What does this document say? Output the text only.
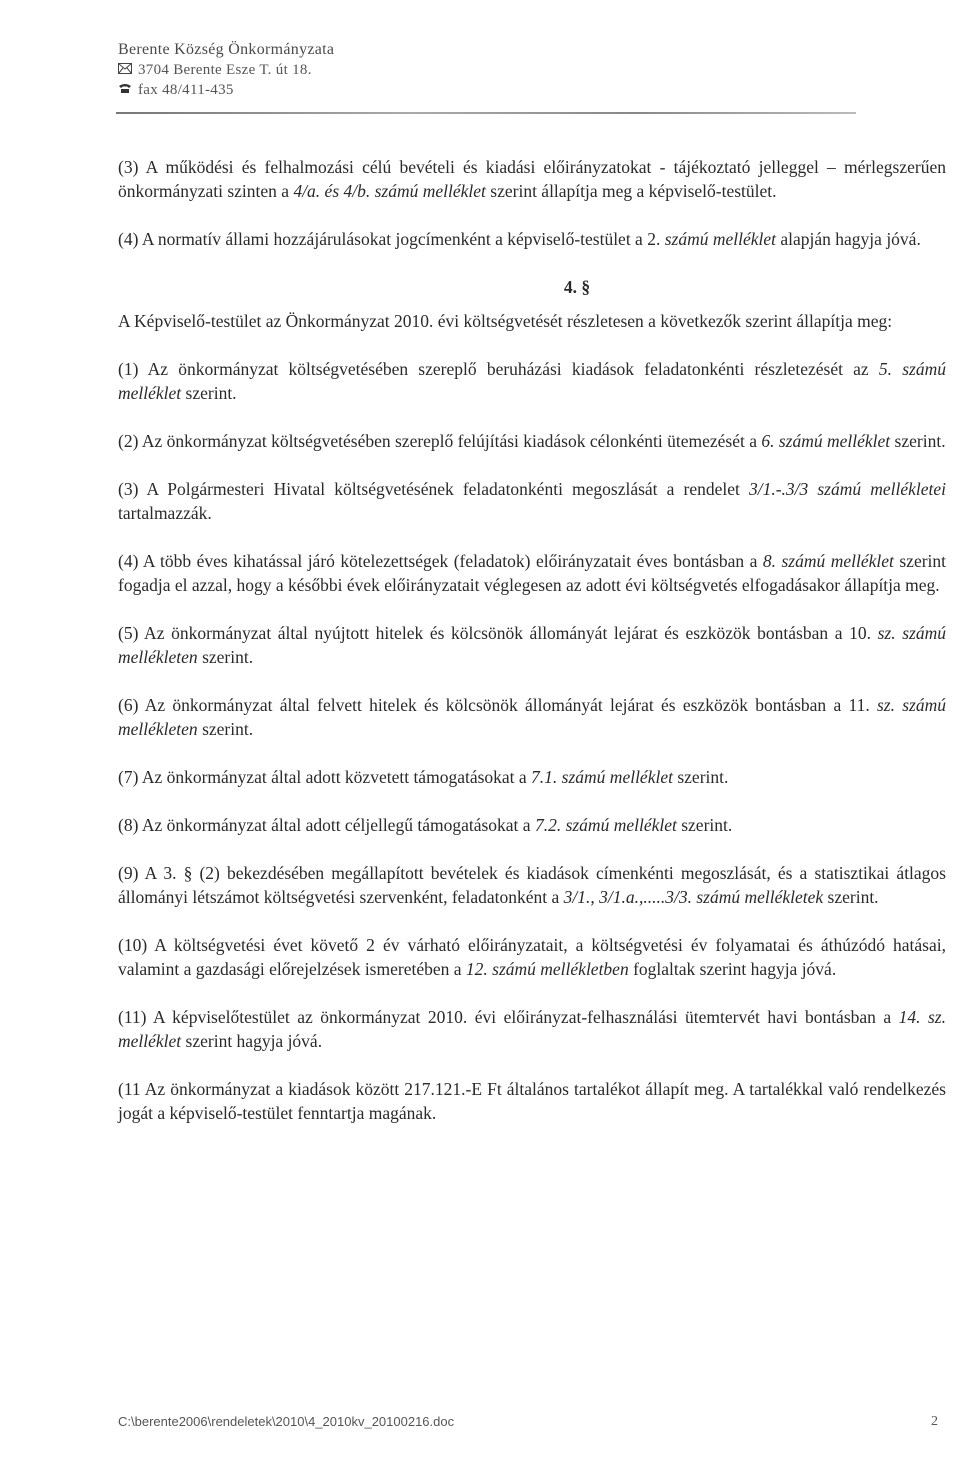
Berente Község Önkormányzata
3704 Berente Esze T. út 18.
fax 48/411-435

(3) A működési és felhalmozási célú bevételi és kiadási előirányzatokat - tájékoztató jelleggel – mérlegszerűen önkormányzati szinten a 4/a. és 4/b. számú melléklet szerint állapítja meg a képviselő-testület.

(4) A normatív állami hozzájárulásokat jogcímenként a képviselő-testület a 2. számú melléklet alapján hagyja jóvá.

4. §

A Képviselő-testület az Önkormányzat 2010. évi költségvetését részletesen a következők szerint állapítja meg:

(1) Az önkormányzat költségvetésében szereplő beruházási kiadások feladatonkénti részletezését az 5. számú melléklet szerint.

(2) Az önkormányzat költségvetésében szereplő felújítási kiadások célonkénti ütemezését a 6. számú melléklet szerint.

(3) A Polgármesteri Hivatal költségvetésének feladatonkénti megoszlását a rendelet 3/1.-.3/3 számú mellékletei tartalmazzák.

(4) A több éves kihatással járó kötelezettségek (feladatok) előirányzatait éves bontásban a 8. számú melléklet szerint fogadja el azzal, hogy a későbbi évek előirányzatait véglegesen az adott évi költségvetés elfogadásakor állapítja meg.

(5) Az önkormányzat által nyújtott hitelek és kölcsönök állományát lejárat és eszközök bontásban a 10. sz. számú mellékleten szerint.

(6) Az önkormányzat által felvett hitelek és kölcsönök állományát lejárat és eszközök bontásban a 11. sz. számú mellékleten szerint.

(7) Az önkormányzat által adott közvetett támogatásokat a 7.1. számú melléklet szerint.

(8) Az önkormányzat által adott céljellegű támogatásokat a 7.2. számú melléklet szerint.

(9) A 3. § (2) bekezdésében megállapított bevételek és kiadások címenkénti megoszlását, és a statisztikai átlagos állományi létszámot költségvetési szervenként, feladatonként a 3/1., 3/1.a.,.....3/3. számú mellékletek szerint.

(10) A költségvetési évet követő 2 év várható előirányzatait, a költségvetési év folyamatai és áthúzódó hatásai, valamint a gazdasági előrejelzések ismeretében a 12. számú mellékletben foglaltak szerint hagyja jóvá.

(11) A képviselőtestület az önkormányzat 2010. évi előirányzat-felhasználási ütemtervét havi bontásban a 14. sz. melléklet szerint hagyja jóvá.

(11 Az önkormányzat a kiadások között 217.121.-E Ft általános tartalékot állapít meg. A tartalékkal való rendelkezés jogát a képviselő-testület fenntartja magának.

C:\berente2006\rendeletek\2010\4_2010kv_20100216.doc	2
